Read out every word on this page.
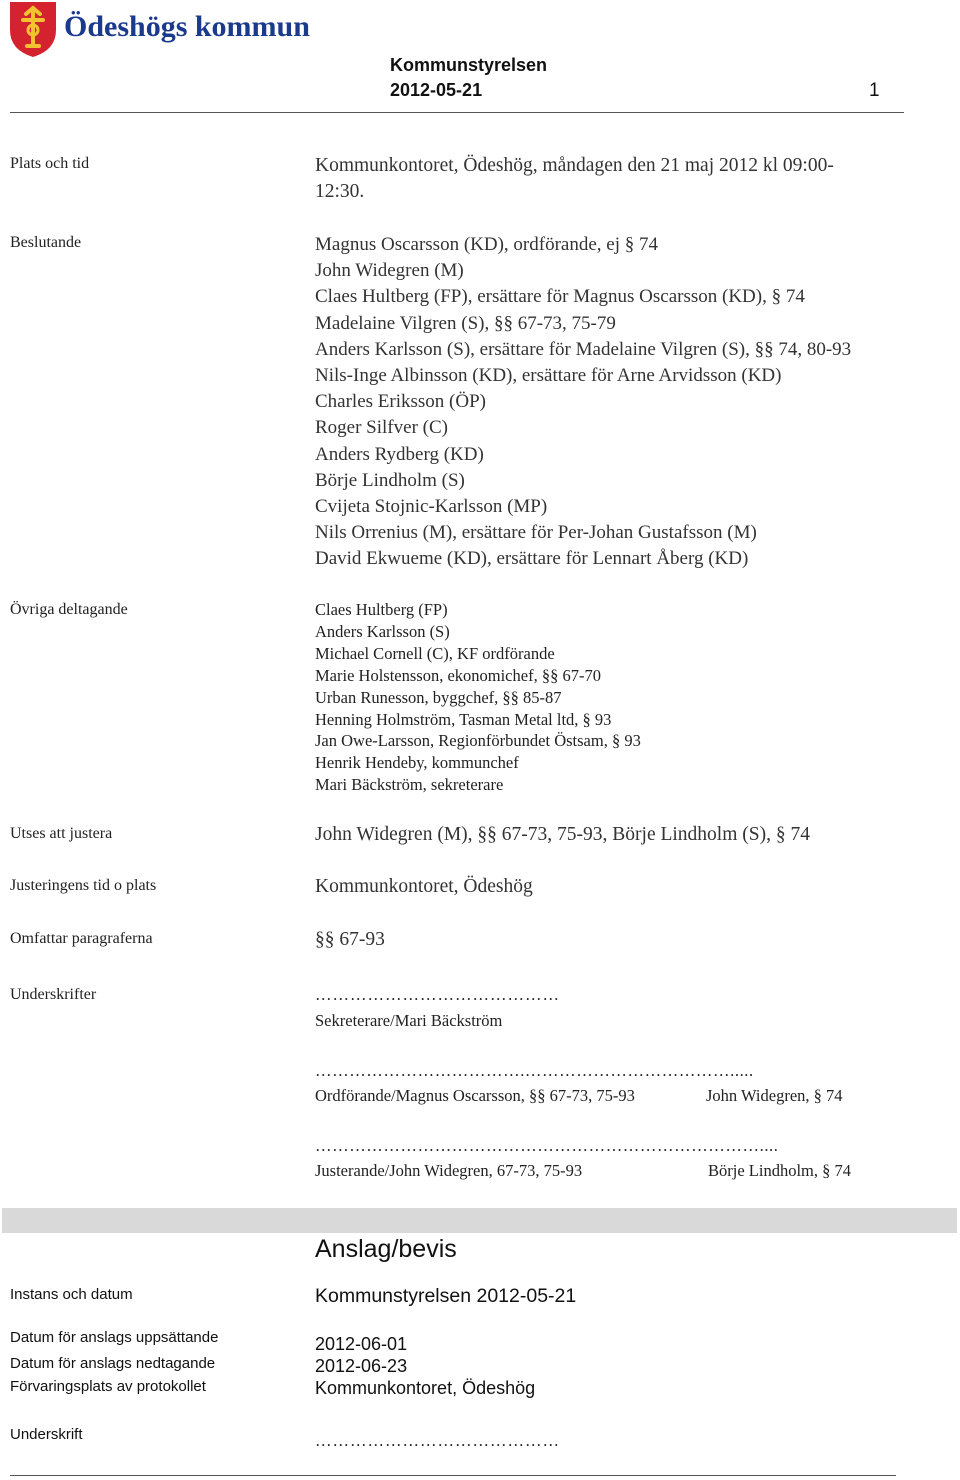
Ödeshögs kommun
Kommunstyrelsen
2012-05-21	1
Plats och tid	Kommunkontoret, Ödeshög, måndagen den 21 maj 2012 kl 09:00-
12:30.
Beslutande	Magnus Oscarsson (KD), ordförande, ej § 74
John Widegren (M)
Claes Hultberg (FP), ersättare för Magnus Oscarsson (KD), § 74
Madelaine Vilgren (S), §§ 67-73, 75-79
Anders Karlsson (S), ersättare för Madelaine Vilgren (S), §§ 74, 80-93
Nils-Inge Albinsson (KD), ersättare för Arne Arvidsson (KD)
Charles Eriksson (ÖP)
Roger Silfver (C)
Anders Rydberg (KD)
Börje Lindholm (S)
Cvijeta Stojnic-Karlsson (MP)
Nils Orrenius (M), ersättare för Per-Johan Gustafsson (M)
David Ekwueme (KD), ersättare för Lennart Åberg (KD)
Övriga deltagande	Claes Hultberg (FP)
Anders Karlsson (S)
Michael Cornell (C), KF ordförande
Marie Holstensson, ekonomichef, §§ 67-70
Urban Runesson, byggchef, §§ 85-87
Henning Holmström, Tasman Metal ltd, § 93
Jan Owe-Larsson, Regionförbundet Östsam, § 93
Henrik Hendeby, kommunchef
Mari Bäckström, sekreterare
Utses att justera	John Widegren (M), §§ 67-73, 75-93, Börje Lindholm (S), § 74
Justeringens tid o plats	Kommunkontoret, Ödeshög
Omfattar paragraferna	§§ 67-93
Underskrifter	……………………………………
Sekreterare/Mari Bäckström
……………………………….……………………………….....
Ordförande/Magnus Oscarsson, §§ 67-73, 75-93	John Widegren, § 74
……………………………………………………………………....
Justerande/John Widegren, 67-73, 75-93	Börje Lindholm, § 74
Anslag/bevis
Instans och datum	Kommunstyrelsen 2012-05-21
Datum för anslags uppsättande	2012-06-01
Datum för anslags nedtagande	2012-06-23
Förvaringsplats av protokollet	Kommunkontoret, Ödeshög
Underskrift	……………………………………
